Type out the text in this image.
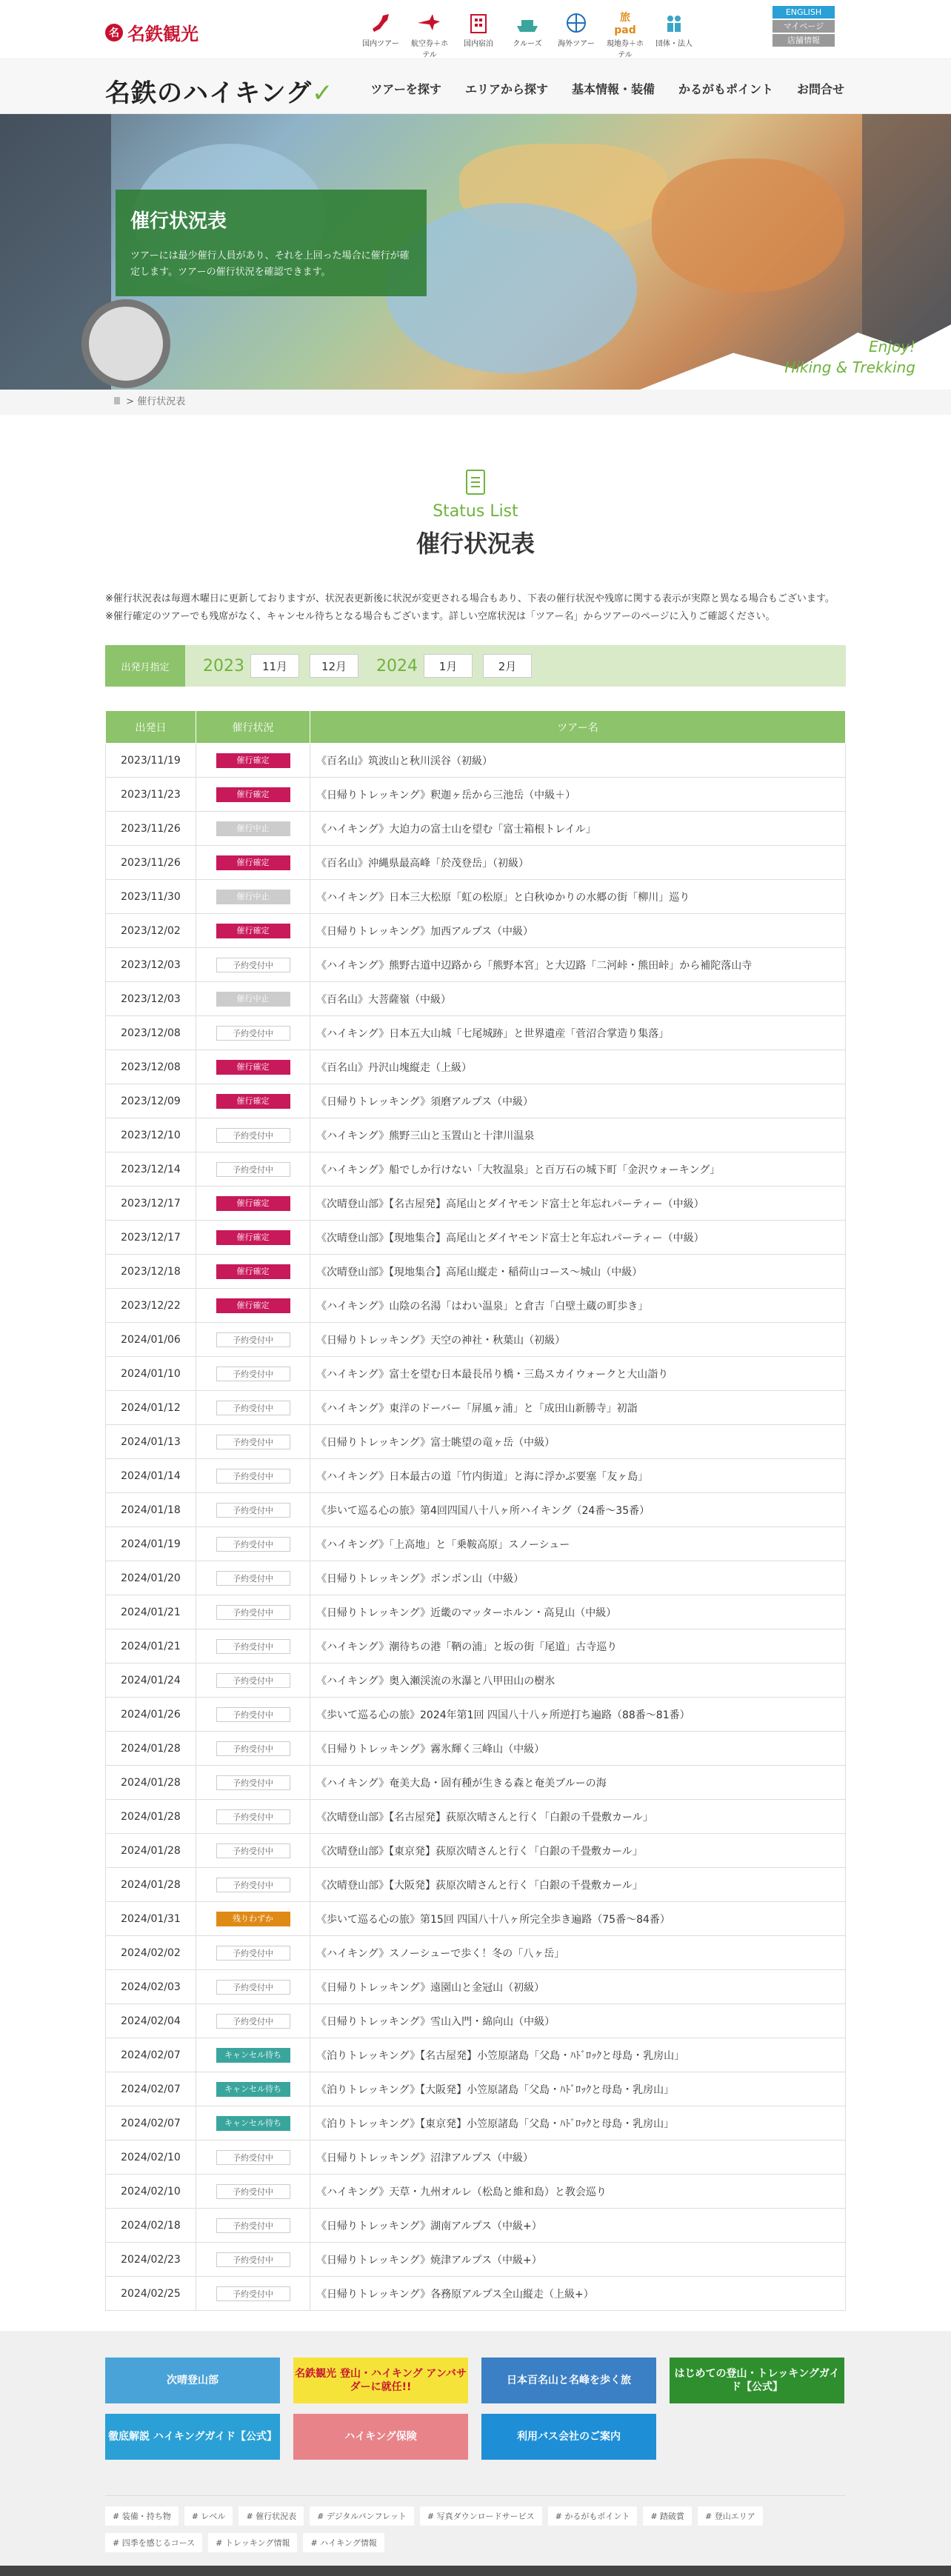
名 名鉄観光	国内ツアー 航空券＋ホテル
国内宿泊	クルーズ	海外ツアー
旅pad
現地券＋ホテル
団体・法人
ENGLISH
マイページ
店舗情報
名鉄のハイキング✓	ツアーを探す エリアから探す 基本情報・装備 かるがもポイント お問合せ
催行状況表

ツアーには最少催行人員があり、それを上回った場合に催行が確定します。ツアーの催行状況を確認できます。

Enjoy!
Hiking & Trekking
> 催行状況表
Status List
催行状況表

※催行状況表は毎週木曜日に更新しておりますが、状況表更新後に状況が変更される場合もあり、下表の催行状況や残席に関する表示が実際と異なる場合もございます。

※催行確定のツアーでも残席がなく、キャンセル待ちとなる場合もございます。詳しい空席状況は「ツアー名」からツアーのページに入りご確認ください。

出発月指定	2023	11月	12月	2024	1月	2月
出発日	催行状況	ツアー名
2023/11/19	催行確定	《百名山》筑波山と秋川渓谷（初級）
2023/11/23	催行確定	《日帰りトレッキング》釈迦ヶ岳から三池岳（中級＋）
2023/11/26	催行中止	《ハイキング》大迫力の富士山を望む「富士箱根トレイル」
2023/11/26	催行確定	《百名山》沖縄県最高峰「於茂登岳」（初級）
2023/11/30	催行中止	《ハイキング》日本三大松原「虹の松原」と白秋ゆかりの水郷の街「柳川」巡り
2023/12/02	催行確定	《日帰りトレッキング》加西アルプス（中級）
2023/12/03	予約受付中	《ハイキング》熊野古道中辺路から「熊野本宮」と大辺路「二河峠・熊田峠」から補陀落山寺
2023/12/03	催行中止	《百名山》大菩薩嶺（中級）
2023/12/08	予約受付中	《ハイキング》日本五大山城「七尾城跡」と世界遺産「菅沼合掌造り集落」
2023/12/08	催行確定	《百名山》丹沢山塊縦走（上級）
2023/12/09	催行確定	《日帰りトレッキング》須磨アルプス（中級）
2023/12/10	予約受付中	《ハイキング》熊野三山と玉置山と十津川温泉
2023/12/14	予約受付中	《ハイキング》船でしか行けない「大牧温泉」と百万石の城下町「金沢ウォーキング」
2023/12/17	催行確定	《次晴登山部》【名古屋発】高尾山とダイヤモンド富士と年忘れパーティー（中級）
2023/12/17	催行確定	《次晴登山部》【現地集合】高尾山とダイヤモンド富士と年忘れパーティー（中級）
2023/12/18	催行確定	《次晴登山部》【現地集合】高尾山縦走・稲荷山コース〜城山（中級）
2023/12/22	催行確定	《ハイキング》山陰の名湯「はわい温泉」と倉吉「白壁土蔵の町歩き」
2024/01/06	予約受付中	《日帰りトレッキング》天空の神社・秋葉山（初級）
2024/01/10	予約受付中	《ハイキング》富士を望む日本最長吊り橋・三島スカイウォークと大山詣り
2024/01/12	予約受付中	《ハイキング》東洋のドーバー「屏風ヶ浦」と「成田山新勝寺」初詣
2024/01/13	予約受付中	《日帰りトレッキング》富士眺望の竜ヶ岳（中級）
2024/01/14	予約受付中	《ハイキング》日本最古の道「竹内街道」と海に浮かぶ要塞「友ヶ島」
2024/01/18	予約受付中	《歩いて巡る心の旅》第4回四国八十八ヶ所ハイキング（24番〜35番）
2024/01/19	予約受付中	《ハイキング》「上高地」と「乗鞍高原」スノーシュー
2024/01/20	予約受付中	《日帰りトレッキング》ポンポン山（中級）
2024/01/21	予約受付中	《日帰りトレッキング》近畿のマッターホルン・高見山（中級）
2024/01/21	予約受付中	《ハイキング》潮待ちの港「鞆の浦」と坂の街「尾道」古寺巡り
2024/01/24	予約受付中	《ハイキング》奥入瀬渓流の氷瀑と八甲田山の樹氷
2024/01/26	予約受付中	《歩いて巡る心の旅》2024年第1回 四国八十八ヶ所逆打ち遍路（88番〜81番）
2024/01/28	予約受付中	《日帰りトレッキング》霧氷輝く三峰山（中級）
2024/01/28	予約受付中	《ハイキング》奄美大島・固有種が生きる森と奄美ブルーの海
2024/01/28	予約受付中	《次晴登山部》【名古屋発】荻原次晴さんと行く「白銀の千畳敷カール」
2024/01/28	予約受付中	《次晴登山部》【東京発】荻原次晴さんと行く「白銀の千畳敷カール」
2024/01/28	予約受付中	《次晴登山部》【大阪発】荻原次晴さんと行く「白銀の千畳敷カール」
2024/01/31	残りわずか	《歩いて巡る心の旅》第15回 四国八十八ヶ所完全歩き遍路（75番〜84番）
2024/02/02	予約受付中	《ハイキング》スノーシューで歩く！冬の「八ヶ岳」
2024/02/03	予約受付中	《日帰りトレッキング》遠園山と金冠山（初級）
2024/02/04	予約受付中	《日帰りトレッキング》雪山入門・綿向山（中級）
2024/02/07	キャンセル待ち	《泊りトレッキング》【名古屋発】小笠原諸島「父島・ﾊﾄﾞﾛｯｸと母島・乳房山」
2024/02/07	キャンセル待ち	《泊りトレッキング》【大阪発】小笠原諸島「父島・ﾊﾄﾞﾛｯｸと母島・乳房山」
2024/02/07	キャンセル待ち	《泊りトレッキング》【東京発】小笠原諸島「父島・ﾊﾄﾞﾛｯｸと母島・乳房山」
2024/02/10	予約受付中	《日帰りトレッキング》沼津アルプス（中級）
2024/02/10	予約受付中	《ハイキング》天草・九州オルレ（松島と維和島）と教会巡り
2024/02/18	予約受付中	《日帰りトレッキング》湖南アルプス（中級+）
2024/02/23	予約受付中	《日帰りトレッキング》焼津アルプス（中級+）
2024/02/25	予約受付中	《日帰りトレッキング》各務原アルプス全山縦走（上級+）
次晴登山部
名鉄観光 登山・ハイキング アンバサダーに就任!!
日本百名山と名峰を歩く旅
はじめての登山・トレッキングガイド【公式】
徹底解説 ハイキングガイド【公式】	ハイキング保険	利用バス会社のご案内
# 装備・持ち物	# レベル	# 催行状況表	# デジタルパンフレット	# 写真ダウンロードサービス	# かるがもポイント	# 踏破賞	# 登山エリア# 四季を感じるコース	# トレッキング情報	# ハイキング情報
